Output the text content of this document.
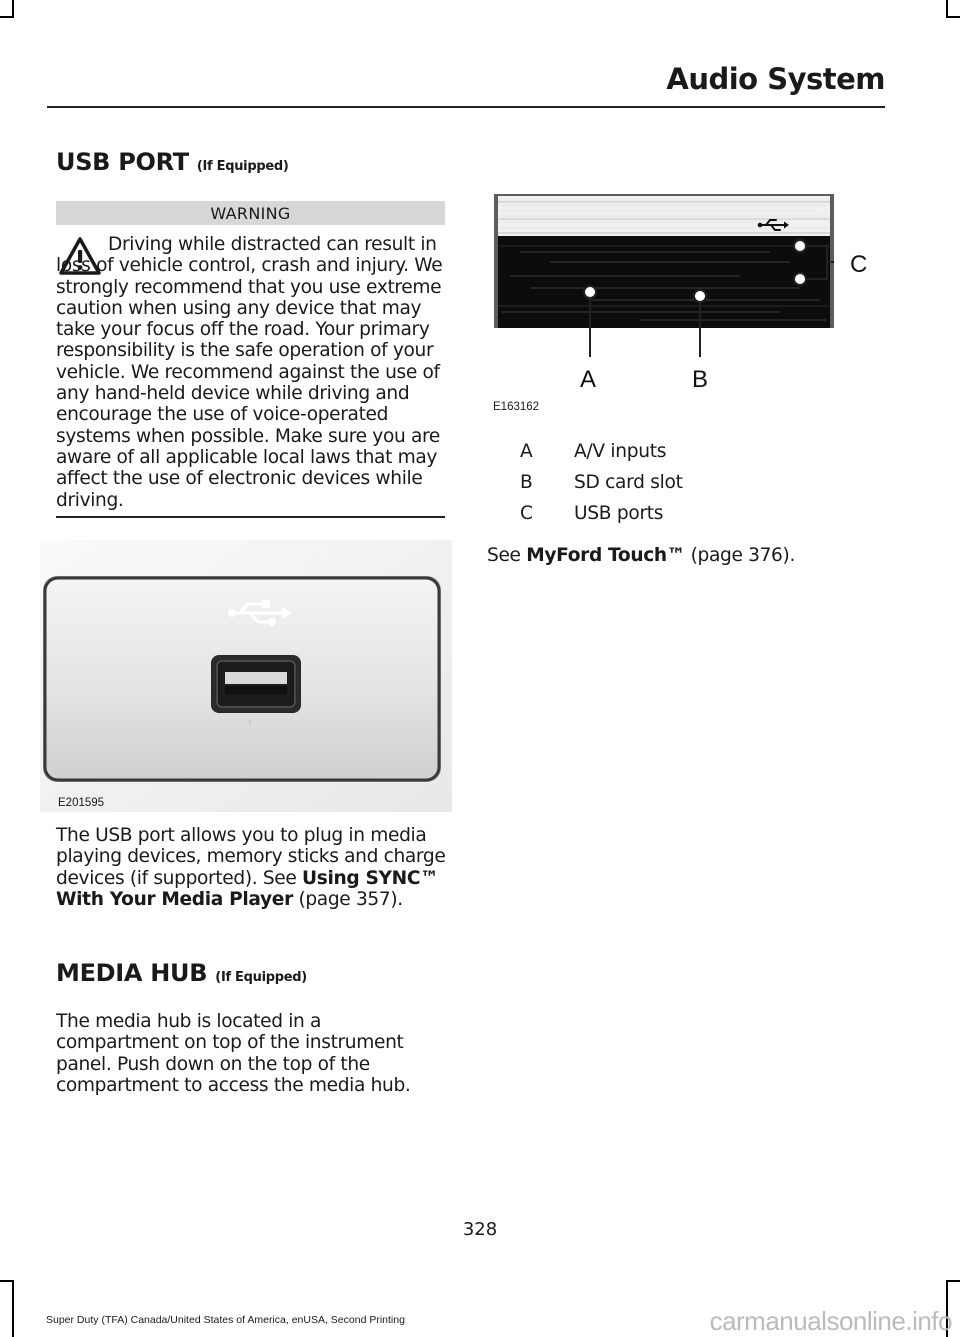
Audio System
USB PORT (If Equipped)
WARNING
Driving while distracted can result in loss of vehicle control, crash and injury. We strongly recommend that you use extreme caution when using any device that may take your focus off the road. Your primary responsibility is the safe operation of your vehicle. We recommend against the use of any hand-held device while driving and encourage the use of voice-operated systems when possible. Make sure you are aware of all applicable local laws that may affect the use of electronic devices while driving.
E201595
The USB port allows you to plug in media playing devices, memory sticks and charge devices (if supported). See Using SYNC™ With Your Media Player (page 357).
MEDIA HUB (If Equipped)
The media hub is located in a compartment on top of the instrument panel. Push down on the top of the compartment to access the media hub.
A	B
C
E163162
A A/V inputs
B SD card slot
C USB ports
See MyFord Touch™ (page 376).
328
Super Duty (TFA) Canada/United States of America, enUSA, Second Printing	carmanualsonline.info
